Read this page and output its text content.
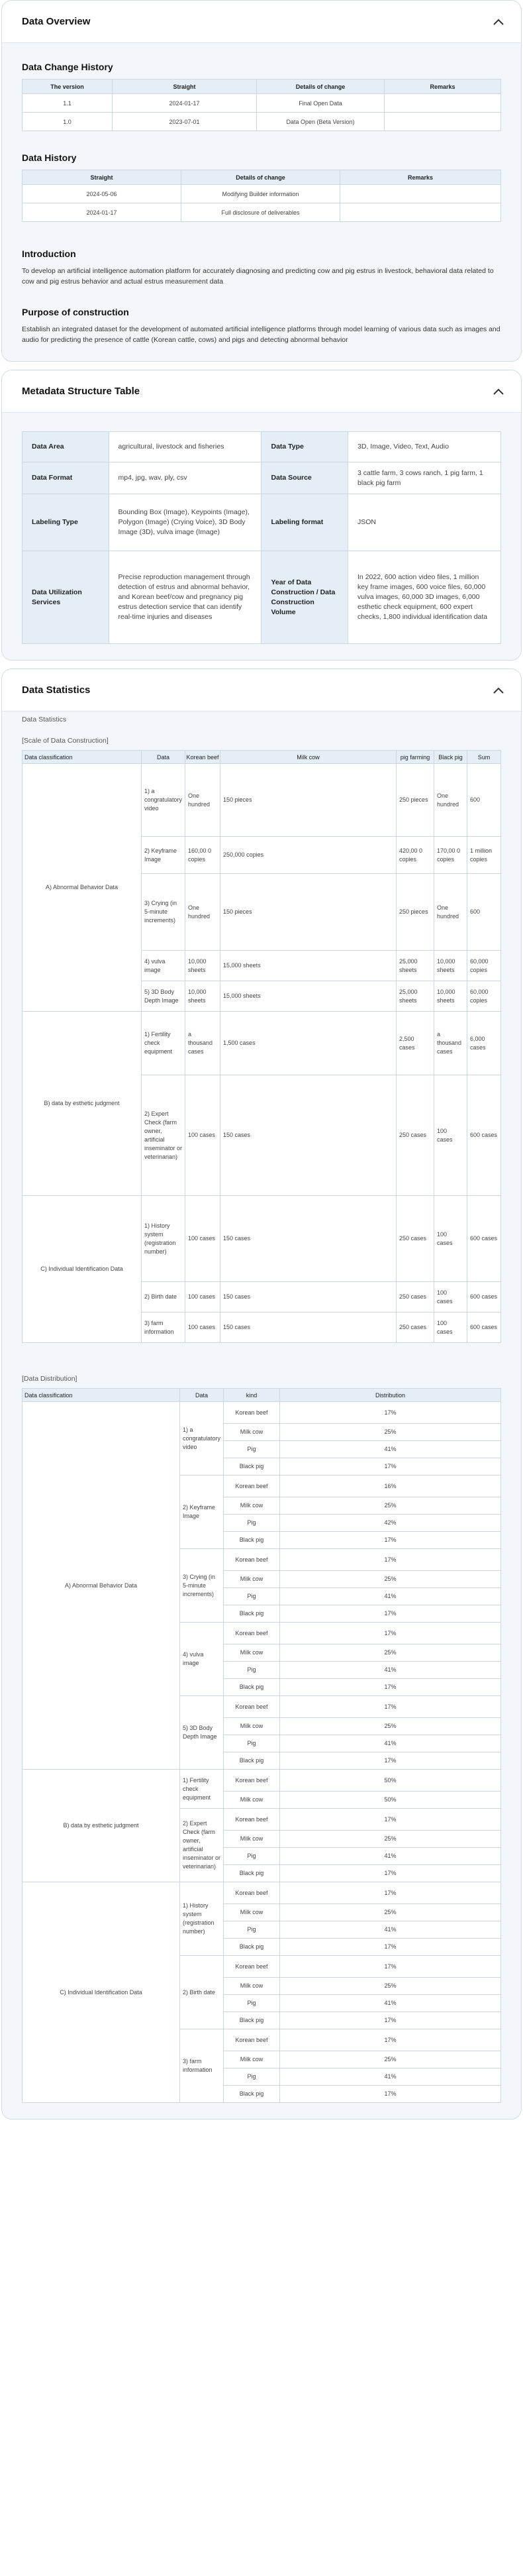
Data Overview
Data Change History
The version	Straight	Details of change	Remarks
1.1	2024-01-17	Final Open Data	
1.0	2023-07-01	Data Open (Beta Version)	
Data History
Straight	Details of change	Remarks
2024-05-06	Modifying Builder information	
2024-01-17	Full disclosure of deliverables	
Introduction

To develop an artificial intelligence automation platform for accurately diagnosing and predicting cow and pig estrus in livestock, behavioral data related to cow and pig estrus behavior and actual estrus measurement data

Purpose of construction

Establish an integrated dataset for the development of automated artificial intelligence platforms through model learning of various data such as images and audio for predicting the presence of cattle (Korean cattle, cows) and pigs and detecting abnormal behavior

Metadata Structure Table
Data Area	agricultural, livestock and fisheries	Data Type	3D, Image, Video, Text, Audio
Data Format	mp4, jpg, wav, ply, csv	Data Source	3 cattle farm, 3 cows ranch, 1 pig farm, 1 black pig farm
Labeling Type	Bounding Box (Image), Keypoints (Image), Polygon (Image) (Crying Voice), 3D Body Image (3D), vulva image (Image)	Labeling format	JSON
Data Utilization Services	Precise reproduction management through detection of estrus and abnormal behavior, and Korean beef/cow and pregnancy pig estrus detection service that can identify real-time injuries and diseases	Year of Data Construction / Data Construction Volume	In 2022, 600 action video files, 1 million key frame images, 600 voice files, 60,000 vulva images, 60,000 3D images, 6,000 esthetic check equipment, 600 expert checks, 1,800 individual identification data
Data Statistics
Data Statistics
[Scale of Data Construction]
Data classification	Data	Korean beef	Milk cow	pig farming	Black pig	Sum
A) Abnormal Behavior Data	1) a congratulatory video	One hundred	150 pieces	250 pieces	One hundred	600
	2) Keyframe Image	160,00 0 copies	250,000 copies	420,00 0 copies	170,00 0 copies	1 million copies
	3) Crying (in 5-minute increments)	One hundred	150 pieces	250 pieces	One hundred	600
	4) vulva image	10,000 sheets	15,000 sheets	25,000 sheets	10,000 sheets	60,000 copies
	5) 3D Body Depth Image	10,000 sheets	15,000 sheets	25,000 sheets	10,000 sheets	60,000 copies
B) data by esthetic judgment	1) Fertility check equipment	a thousand cases	1,500 cases	2,500 cases	a thousand cases	6,000 cases
	2) Expert Check (farm owner, artificial inseminator or veterinarian)	100 cases	150 cases	250 cases	100 cases	600 cases
C) Individual Identification Data	1) History system (registration number)	100 cases	150 cases	250 cases	100 cases	600 cases
	2) Birth date	100 cases	150 cases	250 cases	100 cases	600 cases
	3) farm information	100 cases	150 cases	250 cases	100 cases	600 cases
[Data Distribution]
Data classification	Data	kind	Distribution
A) Abnormal Behavior Data	1) a congratulatory video	Korean beef	17%
		Milk cow	25%
		Pig	41%
		Black pig	17%
	2) Keyframe Image	Korean beef	16%
		Milk cow	25%
		Pig	42%
		Black pig	17%
	3) Crying (in 5-minute increments)	Korean beef	17%
		Milk cow	25%
		Pig	41%
		Black pig	17%
	4) vulva image	Korean beef	17%
		Milk cow	25%
		Pig	41%
		Black pig	17%
	5) 3D Body Depth Image	Korean beef	17%
		Milk cow	25%
		Pig	41%
		Black pig	17%
B) data by esthetic judgment	1) Fertility check equipment	Korean beef	50%
		Milk cow	50%
	2) Expert Check (farm owner, artificial inseminator or veterinarian)	Korean beef	17%
		Milk cow	25%
		Pig	41%
		Black pig	17%
C) Individual Identification Data	1) History system (registration number)	Korean beef	17%
		Milk cow	25%
		Pig	41%
		Black pig	17%
	2) Birth date	Korean beef	17%
		Milk cow	25%
		Pig	41%
		Black pig	17%
	3) farm information	Korean beef	17%
		Milk cow	25%
		Pig	41%
		Black pig	17%
